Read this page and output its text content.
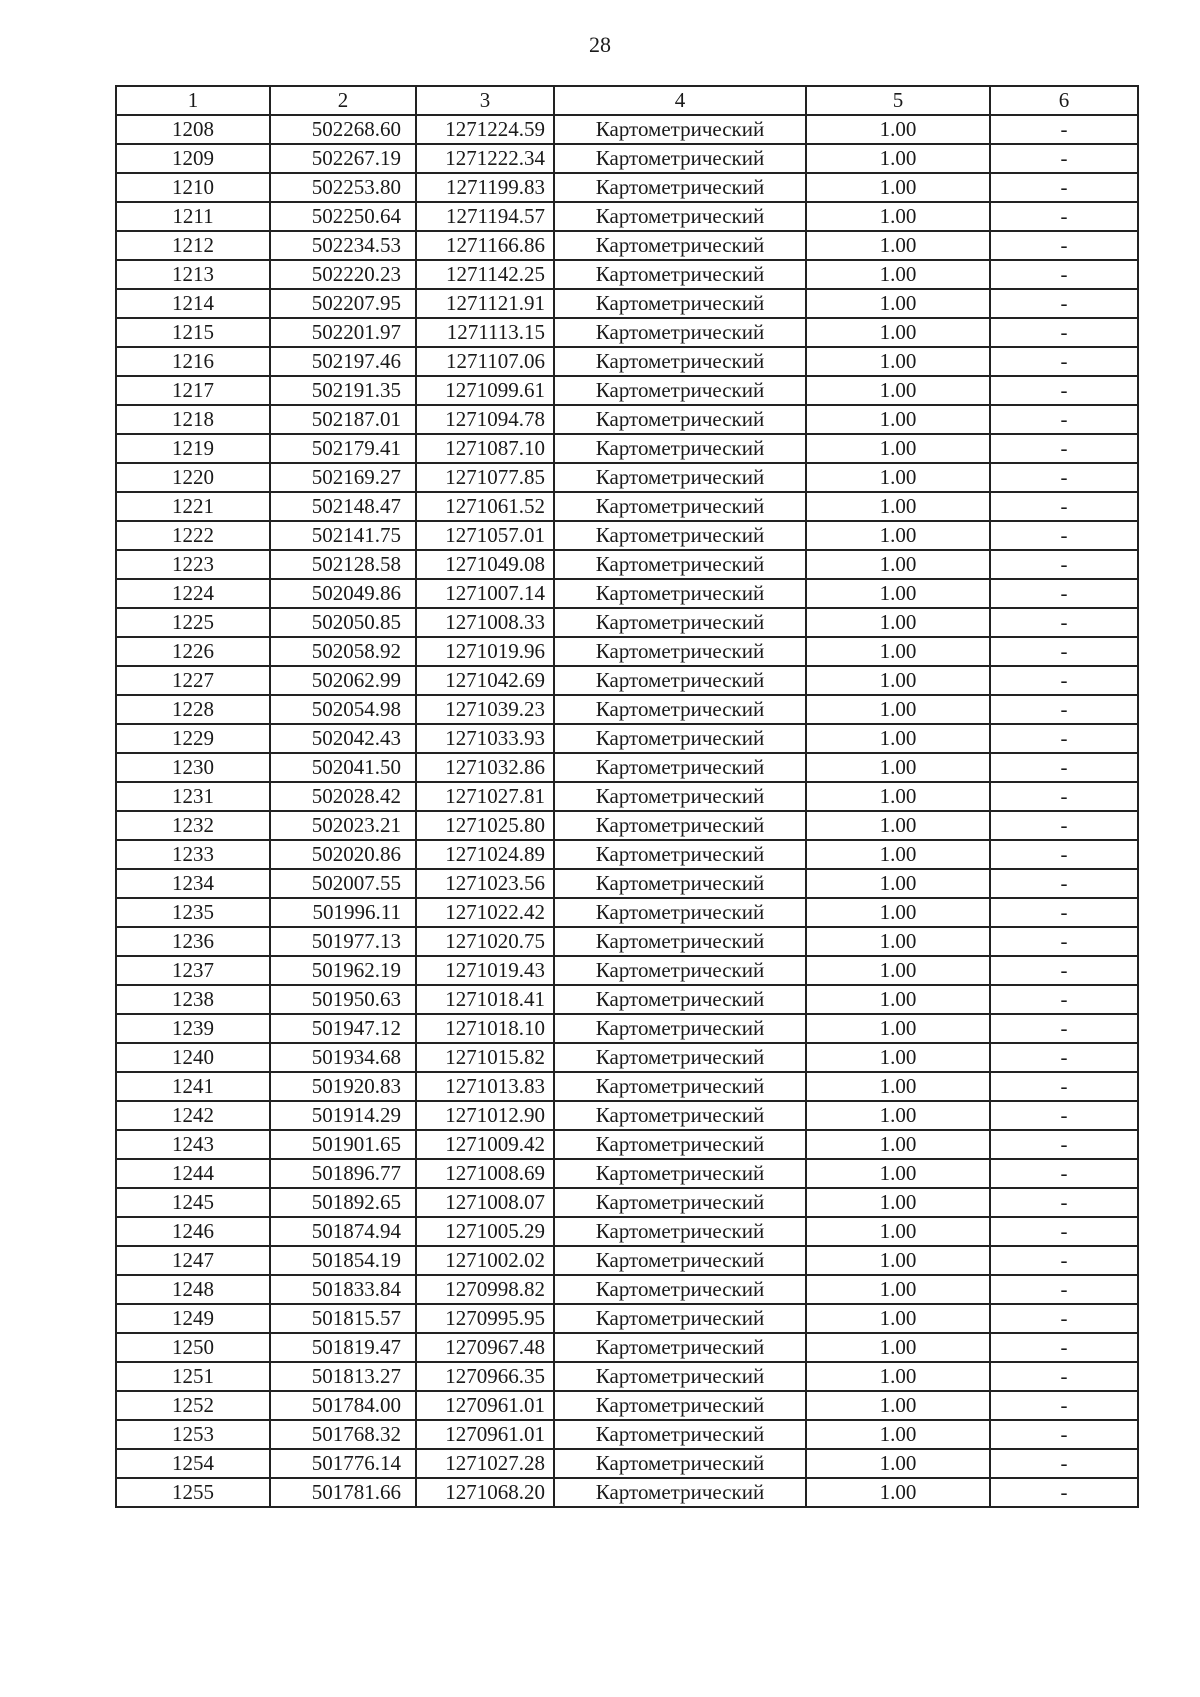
28
1	2	3	4	5	6
1208	502268.60	1271224.59	Картометрический	1.00	-
1209	502267.19	1271222.34	Картометрический	1.00	-
1210	502253.80	1271199.83	Картометрический	1.00	-
1211	502250.64	1271194.57	Картометрический	1.00	-
1212	502234.53	1271166.86	Картометрический	1.00	-
1213	502220.23	1271142.25	Картометрический	1.00	-
1214	502207.95	1271121.91	Картометрический	1.00	-
1215	502201.97	1271113.15	Картометрический	1.00	-
1216	502197.46	1271107.06	Картометрический	1.00	-
1217	502191.35	1271099.61	Картометрический	1.00	-
1218	502187.01	1271094.78	Картометрический	1.00	-
1219	502179.41	1271087.10	Картометрический	1.00	-
1220	502169.27	1271077.85	Картометрический	1.00	-
1221	502148.47	1271061.52	Картометрический	1.00	-
1222	502141.75	1271057.01	Картометрический	1.00	-
1223	502128.58	1271049.08	Картометрический	1.00	-
1224	502049.86	1271007.14	Картометрический	1.00	-
1225	502050.85	1271008.33	Картометрический	1.00	-
1226	502058.92	1271019.96	Картометрический	1.00	-
1227	502062.99	1271042.69	Картометрический	1.00	-
1228	502054.98	1271039.23	Картометрический	1.00	-
1229	502042.43	1271033.93	Картометрический	1.00	-
1230	502041.50	1271032.86	Картометрический	1.00	-
1231	502028.42	1271027.81	Картометрический	1.00	-
1232	502023.21	1271025.80	Картометрический	1.00	-
1233	502020.86	1271024.89	Картометрический	1.00	-
1234	502007.55	1271023.56	Картометрический	1.00	-
1235	501996.11	1271022.42	Картометрический	1.00	-
1236	501977.13	1271020.75	Картометрический	1.00	-
1237	501962.19	1271019.43	Картометрический	1.00	-
1238	501950.63	1271018.41	Картометрический	1.00	-
1239	501947.12	1271018.10	Картометрический	1.00	-
1240	501934.68	1271015.82	Картометрический	1.00	-
1241	501920.83	1271013.83	Картометрический	1.00	-
1242	501914.29	1271012.90	Картометрический	1.00	-
1243	501901.65	1271009.42	Картометрический	1.00	-
1244	501896.77	1271008.69	Картометрический	1.00	-
1245	501892.65	1271008.07	Картометрический	1.00	-
1246	501874.94	1271005.29	Картометрический	1.00	-
1247	501854.19	1271002.02	Картометрический	1.00	-
1248	501833.84	1270998.82	Картометрический	1.00	-
1249	501815.57	1270995.95	Картометрический	1.00	-
1250	501819.47	1270967.48	Картометрический	1.00	-
1251	501813.27	1270966.35	Картометрический	1.00	-
1252	501784.00	1270961.01	Картометрический	1.00	-
1253	501768.32	1270961.01	Картометрический	1.00	-
1254	501776.14	1271027.28	Картометрический	1.00	-
1255	501781.66	1271068.20	Картометрический	1.00	-
